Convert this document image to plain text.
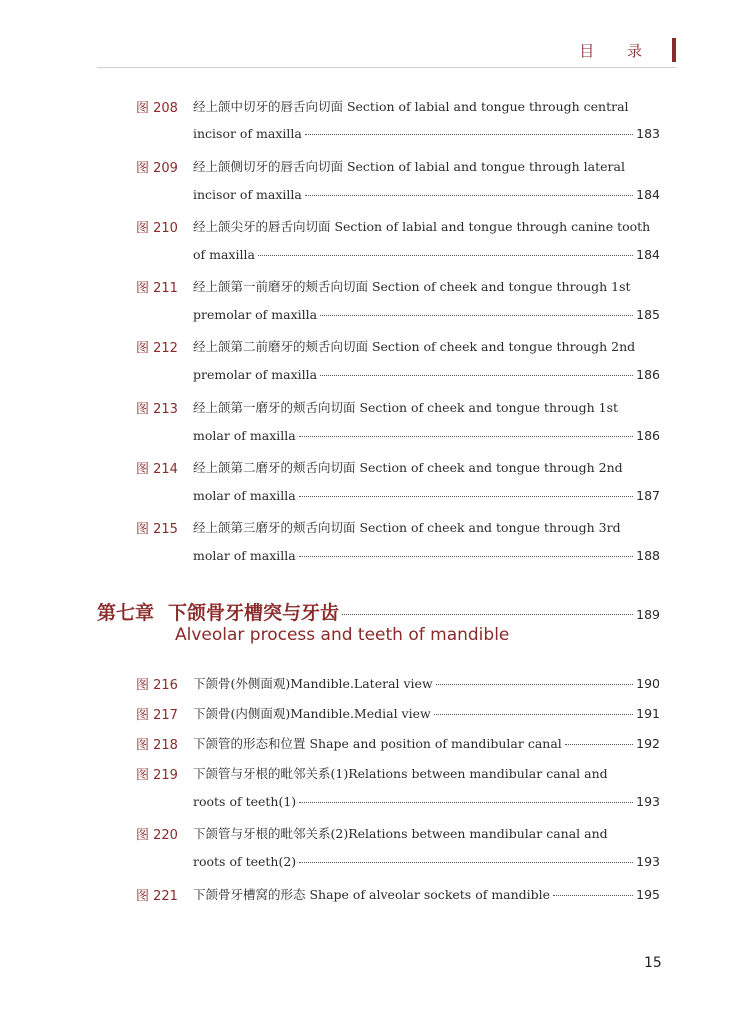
目 录
图 208 经上颌中切牙的唇舌向切面 Section of labial and tongue through central
incisor of maxilla	183
图 209 经上颌侧切牙的唇舌向切面 Section of labial and tongue through lateral
incisor of maxilla	184
图 210 经上颌尖牙的唇舌向切面 Section of labial and tongue through canine tooth
of maxilla	184
图 211 经上颌第一前磨牙的颊舌向切面 Section of cheek and tongue through 1st
premolar of maxilla	185
图 212 经上颌第二前磨牙的颊舌向切面 Section of cheek and tongue through 2nd
premolar of maxilla	186
图 213 经上颌第一磨牙的颊舌向切面 Section of cheek and tongue through 1st
molar of maxilla	186
图 214 经上颌第二磨牙的颊舌向切面 Section of cheek and tongue through 2nd
molar of maxilla	187
图 215 经上颌第三磨牙的颊舌向切面 Section of cheek and tongue through 3rd
molar of maxilla	188
第七章 下颌骨牙槽突与牙齿	189
Alveolar process and teeth of mandible
图 216 下颌骨(外侧面观)Mandible.Lateral view	190
图 217 下颌骨(内侧面观)Mandible.Medial view	191
图 218 下颌管的形态和位置 Shape and position of mandibular canal	192
图 219 下颌管与牙根的毗邻关系(1)Relations between mandibular canal and
roots of teeth(1)	193
图 220 下颌管与牙根的毗邻关系(2)Relations between mandibular canal and
roots of teeth(2)	193
图 221 下颌骨牙槽窝的形态 Shape of alveolar sockets of mandible	195
15
